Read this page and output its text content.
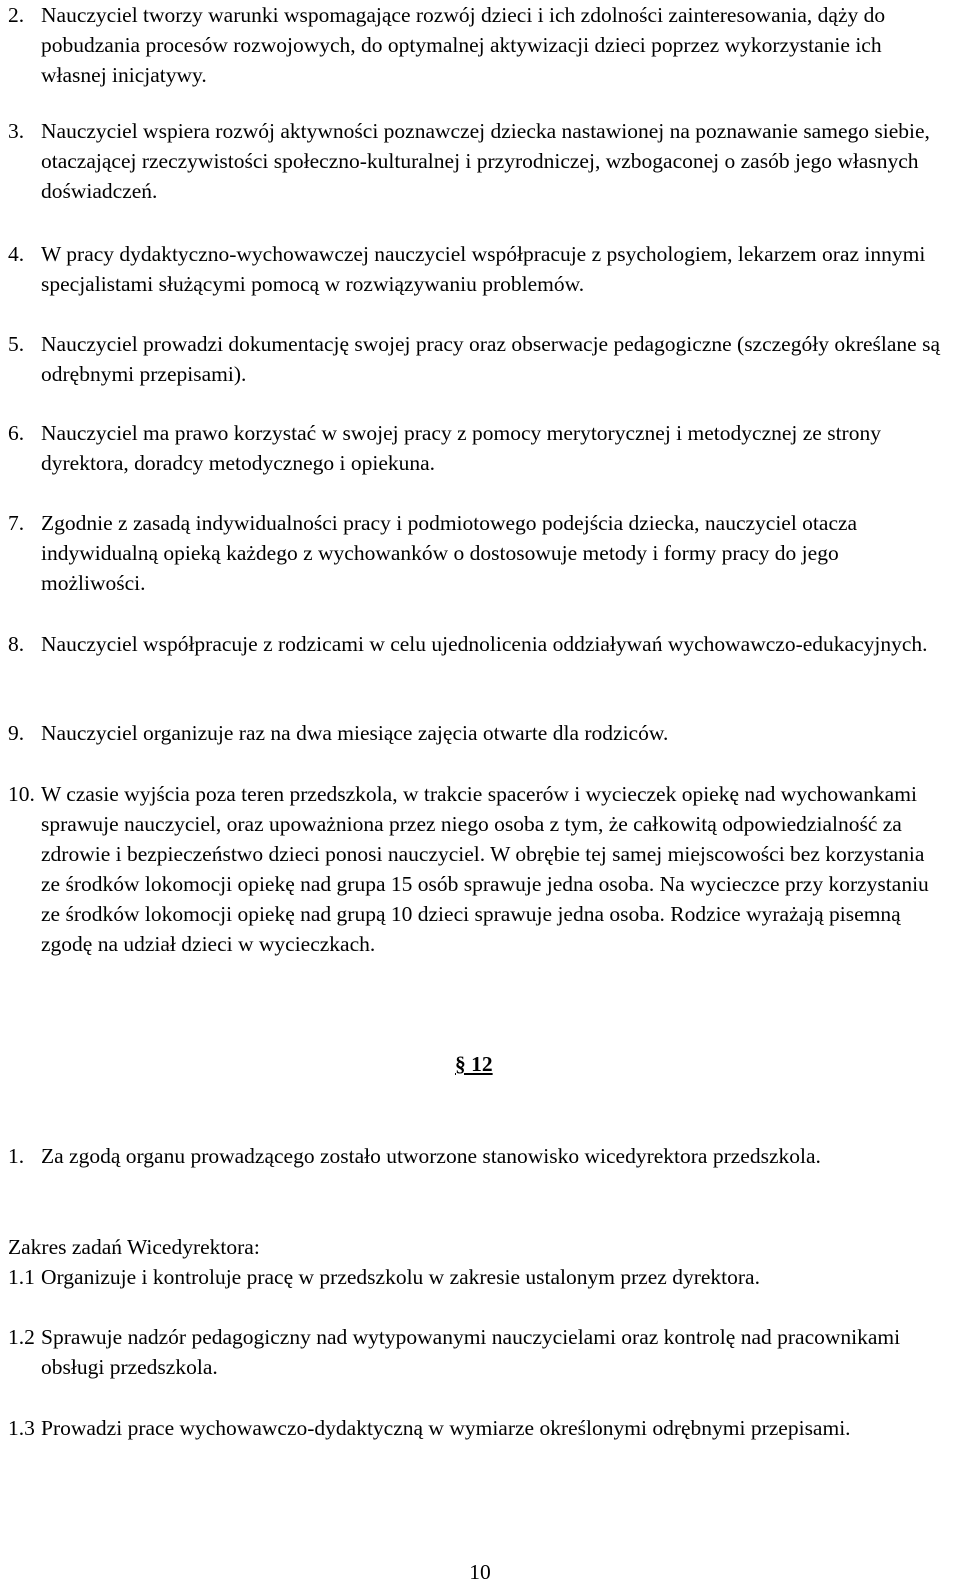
2. Nauczyciel tworzy warunki wspomagające rozwój dzieci i ich zdolności zainteresowania, dąży do pobudzania procesów rozwojowych, do optymalnej aktywizacji dzieci poprzez wykorzystanie ich własnej inicjatywy.
3. Nauczyciel wspiera rozwój aktywności poznawczej dziecka nastawionej na poznawanie samego siebie, otaczającej rzeczywistości społeczno-kulturalnej i przyrodniczej, wzbogaconej o zasób jego własnych doświadczeń.
4. W pracy dydaktyczno-wychowawczej nauczyciel współpracuje z psychologiem, lekarzem oraz innymi specjalistami służącymi pomocą w rozwiązywaniu problemów.
5. Nauczyciel prowadzi dokumentację swojej pracy oraz obserwacje pedagogiczne (szczegóły określane są odrębnymi przepisami).
6. Nauczyciel ma prawo korzystać w swojej pracy z pomocy merytorycznej i metodycznej ze strony dyrektora, doradcy metodycznego i opiekuna.
7. Zgodnie z zasadą indywidualności pracy i podmiotowego podejścia dziecka, nauczyciel otacza indywidualną opieką każdego z wychowanków o dostosowuje metody i formy pracy do jego możliwości.
8. Nauczyciel współpracuje z rodzicami w celu ujednolicenia oddziaływań wychowawczo-edukacyjnych.
9. Nauczyciel organizuje raz na dwa miesiące zajęcia otwarte dla rodziców.
10. W czasie wyjścia poza teren przedszkola, w trakcie spacerów i wycieczek opiekę nad wychowankami sprawuje nauczyciel, oraz upoważniona przez niego osoba z tym, że całkowitą odpowiedzialność za zdrowie i bezpieczeństwo dzieci ponosi nauczyciel. W obrębie tej samej miejscowości bez korzystania ze środków lokomocji opiekę nad grupa 15 osób sprawuje jedna osoba. Na wycieczce przy korzystaniu ze środków lokomocji opiekę nad grupą 10 dzieci sprawuje jedna osoba. Rodzice wyrażają pisemną zgodę na udział dzieci w wycieczkach.

§ 12

1. Za zgodą organu prowadzącego zostało utworzone stanowisko wicedyrektora przedszkola.

Zakres zadań Wicedyrektora:

1.1 Organizuje i kontroluje pracę w przedszkolu w zakresie ustalonym przez dyrektora.
1.2 Sprawuje nadzór pedagogiczny nad wytypowanymi nauczycielami oraz kontrolę nad pracownikami obsługi przedszkola.
1.3 Prowadzi prace wychowawczo-dydaktyczną w wymiarze określonymi odrębnymi przepisami.

10
